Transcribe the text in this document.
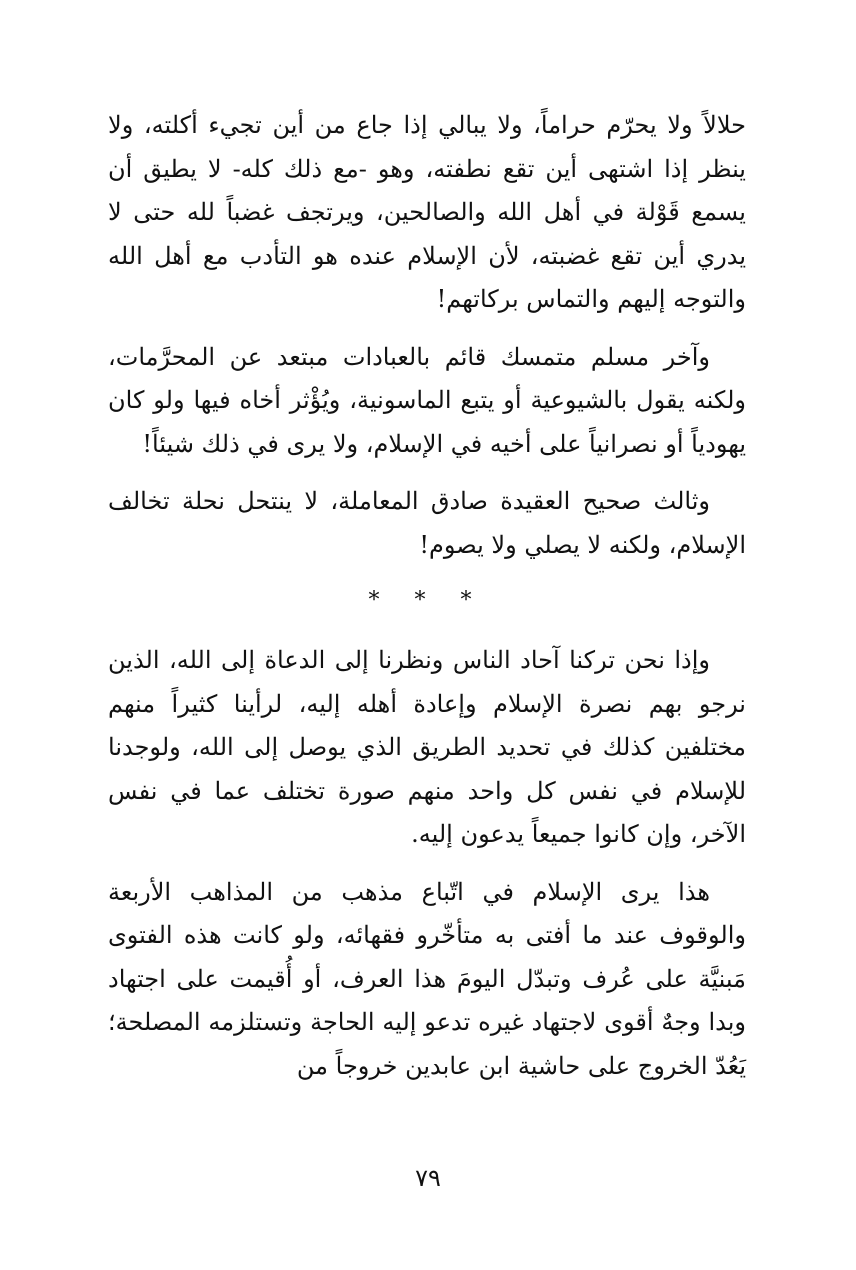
حلالاً ولا يحرّم حراماً، ولا يبالي إذا جاع من أين تجيء أكلته، ولا ينظر إذا اشتهى أين تقع نطفته، وهو -مع ذلك كله- لا يطيق أن يسمع قَوْلة في أهل الله والصالحين، ويرتجف غضباً لله حتى لا يدري أين تقع غضبته، لأن الإسلام عنده هو التأدب مع أهل الله والتوجه إليهم والتماس بركاتهم!

وآخر مسلم متمسك قائم بالعبادات مبتعد عن المحرَّمات، ولكنه يقول بالشيوعية أو يتبع الماسونية، ويُؤْثر أخاه فيها ولو كان يهودياً أو نصرانياً على أخيه في الإسلام، ولا يرى في ذلك شيئاً!

وثالث صحيح العقيدة صادق المعاملة، لا ينتحل نحلة تخالف الإسلام، ولكنه لا يصلي ولا يصوم!

* * *

وإذا نحن تركنا آحاد الناس ونظرنا إلى الدعاة إلى الله، الذين نرجو بهم نصرة الإسلام وإعادة أهله إليه، لرأينا كثيراً منهم مختلفين كذلك في تحديد الطريق الذي يوصل إلى الله، ولوجدنا للإسلام في نفس كل واحد منهم صورة تختلف عما في نفس الآخر، وإن كانوا جميعاً يدعون إليه.

هذا يرى الإسلام في اتّباع مذهب من المذاهب الأربعة والوقوف عند ما أفتى به متأخّرو فقهائه، ولو كانت هذه الفتوى مَبنيَّة على عُرف وتبدّل اليومَ هذا العرف، أو أُقيمت على اجتهاد وبدا وجهٌ أقوى لاجتهاد غيره تدعو إليه الحاجة وتستلزمه المصلحة؛ يَعُدّ الخروج على حاشية ابن عابدين خروجاً من

٧٩
